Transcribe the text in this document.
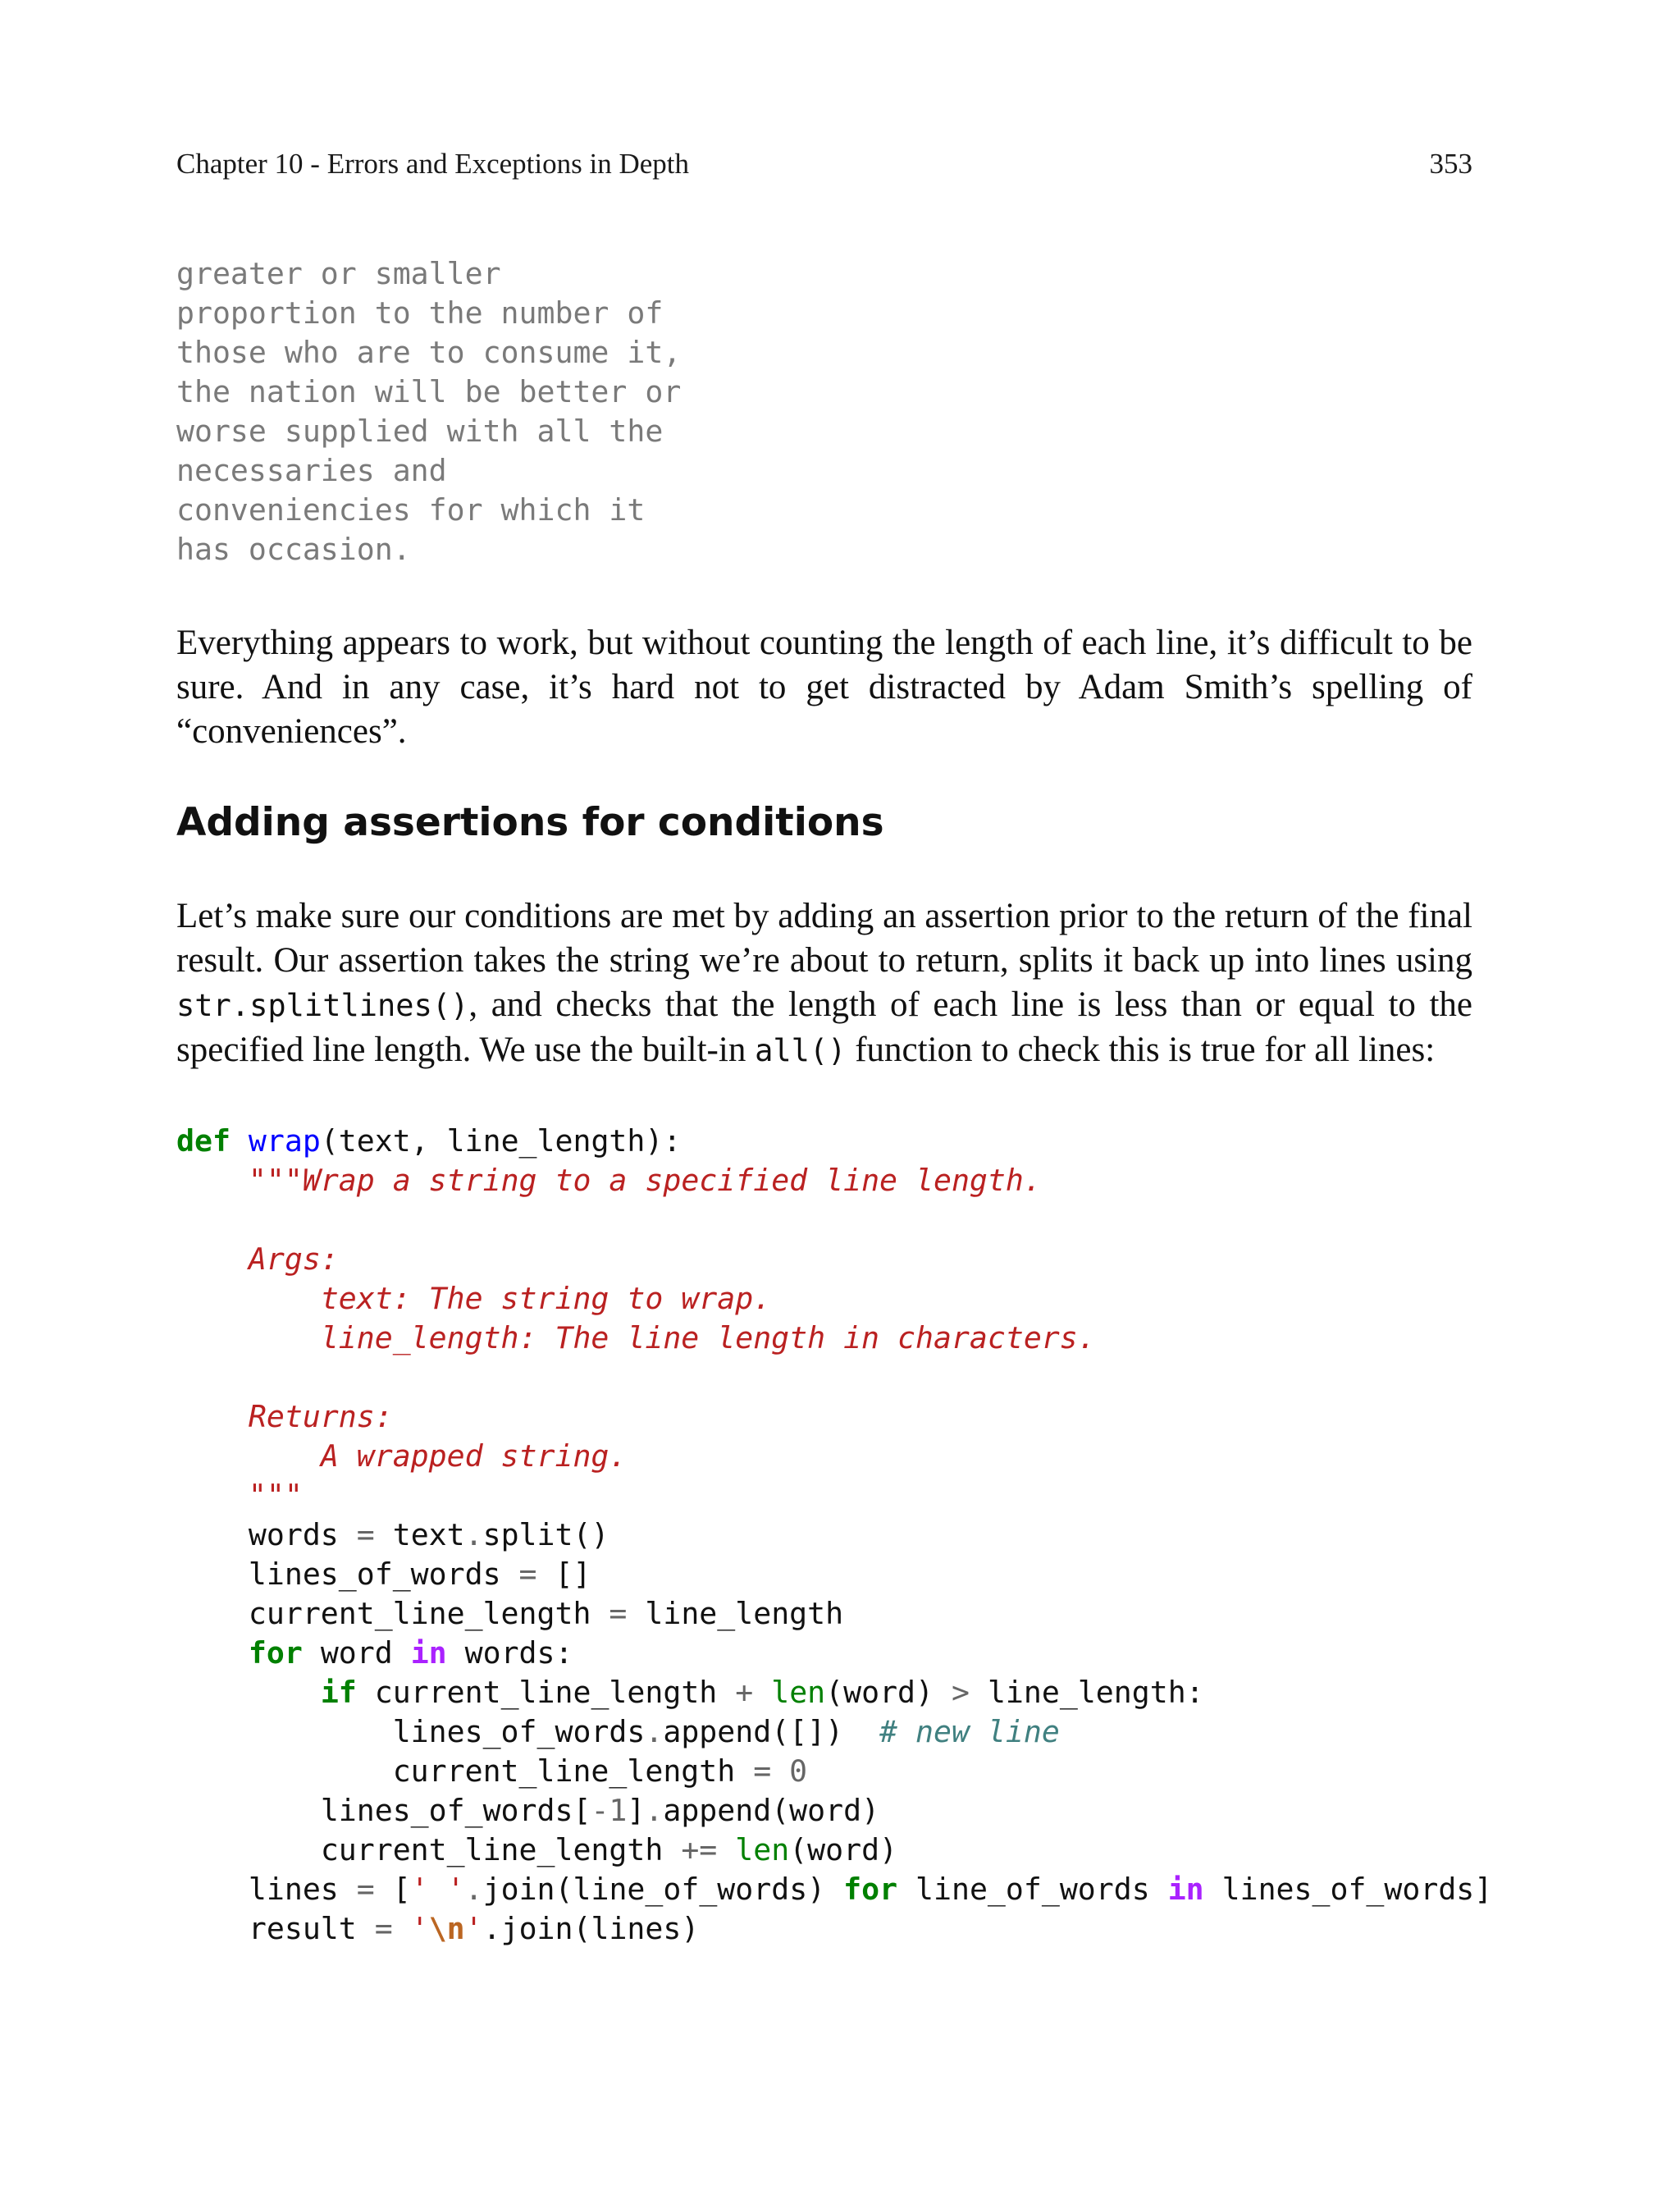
Chapter 10 - Errors and Exceptions in Depth	353
greater or smaller
proportion to the number of
those who are to consume it,
the nation will be better or
worse supplied with all the
necessaries and
conveniencies for which it
has occasion.

Everything appears to work, but without counting the length of each line, it’s difficult to be sure. And in any case, it’s hard not to get distracted by Adam Smith’s spelling of “conveniences”.

Adding assertions for conditions

Let’s make sure our conditions are met by adding an assertion prior to the return of the final result. Our assertion takes the string we’re about to return, splits it back up into lines using str.splitlines(), and checks that the length of each line is less than or equal to the specified line length. We use the built-in all() function to check this is true for all lines:

def wrap(text, line_length):
"""Wrap a string to a specified line length.

Args:
text: The string to wrap.
line_length: The line length in characters.

Returns:
A wrapped string.
"""
words = text.split()
lines_of_words = []
current_line_length = line_length
for word in words:
if current_line_length + len(word) > line_length:
lines_of_words.append([])  # new line
current_line_length = 0
lines_of_words[-1].append(word)
current_line_length += len(word)
lines = [' '.join(line_of_words) for line_of_words in lines_of_words]
result = '\n'.join(lines)
